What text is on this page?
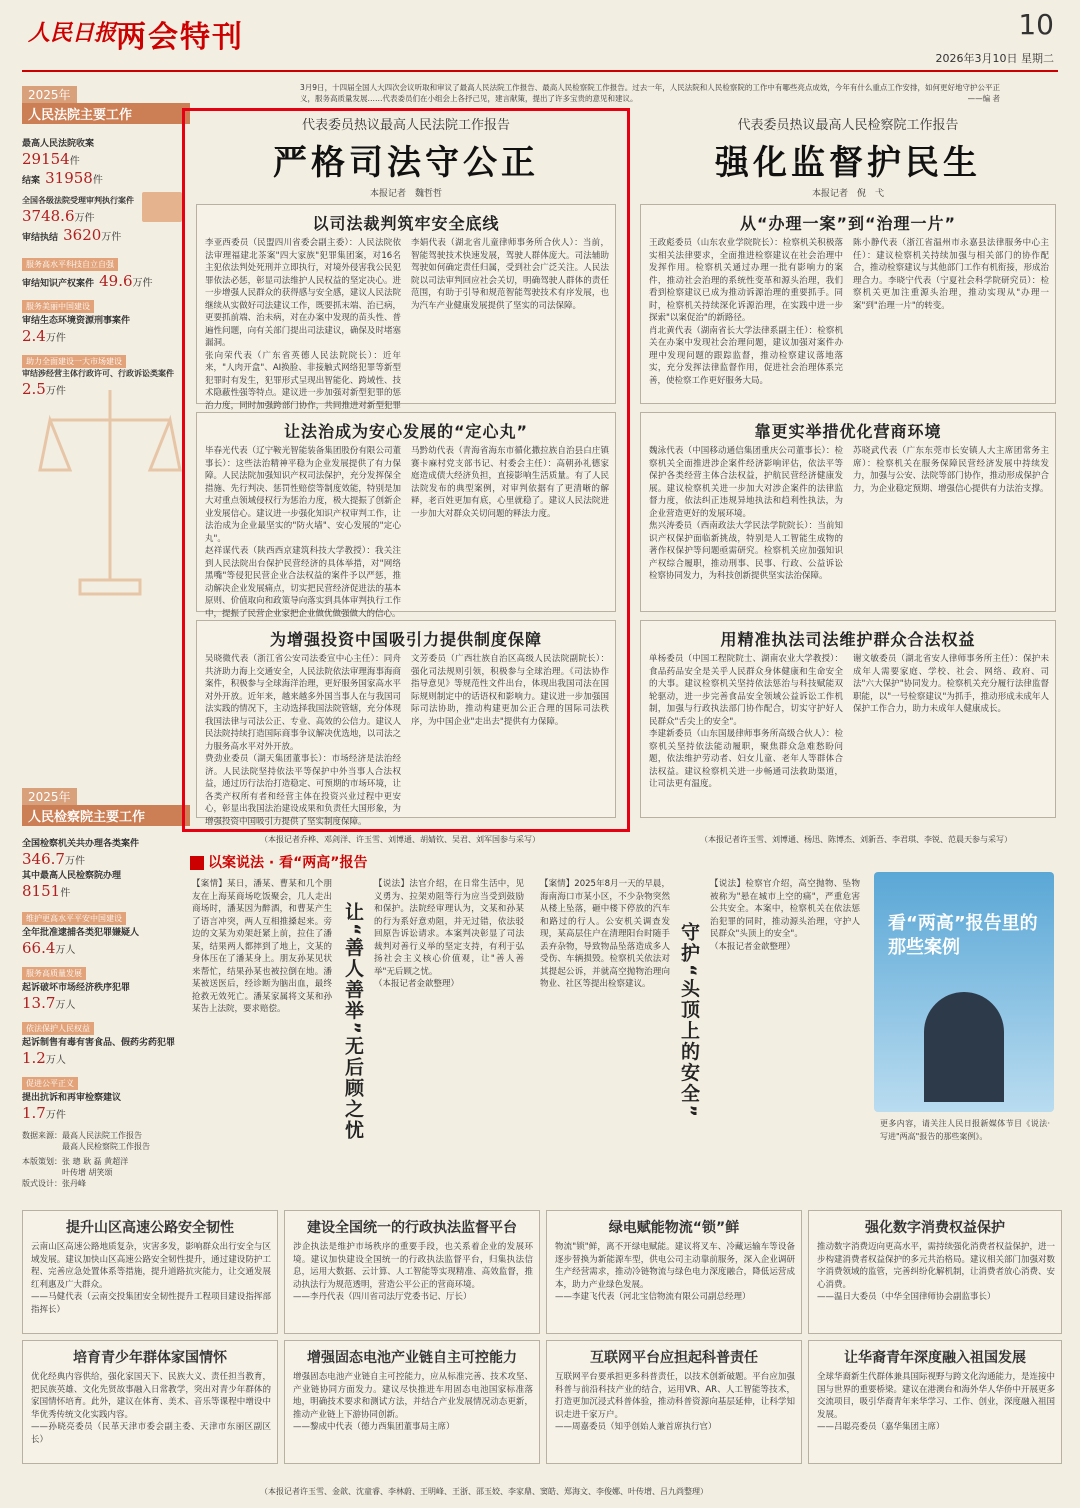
人民日报 两会特刊	10
2026年3月10日 星期二
3月9日，十四届全国人大四次会议听取和审议了最高人民法院工作报告、最高人民检察院工作报告。过去一年，人民法院和人民检察院的工作中有哪些亮点成效，今年有什么重点工作安排，如何更好地守护公平正义，服务高质量发展……代表委员们在小组会上各抒己见，建言献策，提出了许多宝贵的意见和建议。	——编 者
2025年
人民法院主要工作
最高人民法院收案
29154件
结案 31958件
全国各级法院受理审判执行案件
3748.6万件
审结执结 3620万件
服务高水平科技自立自强
审结知识产权案件 49.6万件
服务美丽中国建设
审结生态环境资源刑事案件
2.4万件
助力全面建设一大市场建设
审结涉经营主体行政许可、行政诉讼类案件
2.5万件
2025年
人民检察院主要工作
全国检察机关共办理各类案件
346.7万件
其中最高人民检察院办理
8151件
维护更高水平平安中国建设
全年批准逮捕各类犯罪嫌疑人
66.4万人
服务高质量发展
起诉破坏市场经济秩序犯罪
13.7万人
依法保护人民权益
起诉制售有毒有害食品、假药劣药犯罪
1.2万人
促进公平正义
提出抗诉和再审检察建议
1.7万件
数据来源：最高人民法院工作报告
　　　　　最高人民检察院工作报告
本版策划：张 璁 耿 磊 黄超洋
　　　　　叶传增 胡笑颂
版式设计：张丹峰
代表委员热议最高人民法院工作报告
严格司法守公正
本报记者　魏哲哲
以司法裁判筑牢安全底线
李亚西委员（民盟四川省委会副主委）：人民法院依法审理福建北茶案"四大家族"犯罪集团案，对16名主犯依法判处死刑并立即执行，对境外侵害我公民犯罪依法必惩，彰显司法维护人民权益的坚定决心。进一步增强人民群众的获得感与安全感，建议人民法院继续从实做好司法建议工作，既要抓末端、治已病，更要抓前端、治未病，对在办案中发现的苗头性、普遍性问题，向有关部门提出司法建议，确保及时堵塞漏洞。
张向荣代表（广东省英德人民法院院长）：近年来，"人肉开盒"、AI换脸、非接触式网络犯罪等新型犯罪时有发生，犯罪形式呈现出智能化、跨域性、技术隐蔽性强等特点。建议进一步加强对新型犯罪的惩治力度，同时加强跨部门协作，共同推进对新型犯罪
李娟代表（湖北省儿童律师事务所合伙人）：当前，智能驾驶技术快速发展，驾驶人群体庞大。司法辅助驾驶如何确定责任归属，受到社会广泛关注。人民法院以司法审判回应社会关切，明确驾驶人群体的责任范围，有助于引导和规范智能驾驶技术有序发展，也为汽车产业健康发展提供了坚实的司法保障。
让法治成为安心发展的“定心丸”
毕春光代表（辽宁鞍光智能装备集团股份有限公司董事长）：这些法治精神平稳为企业发展提供了有力保障。人民法院加强知识产权司法保护，充分发挥保全措施、先行判决、惩罚性赔偿等制度效能，特别是加大对重点领域侵权行为惩治力度，极大提振了创新企业发展信心。建议进一步强化知识产权审判工作，让法治成为企业最坚实的"防火墙"、安心发展的"定心丸"。
赵祥谋代表（陕西西京建筑科技大学教授）：我关注到人民法院出台保护民营经济的具体举措，对"网络黑嘴"等侵犯民营企业合法权益的案件予以严惩，推动解决企业发展痛点，切实把民营经济促进法的基本原则、价值取向和政策导向落实到具体审判执行工作中，提振了民营企业家把企业做优做强做大的信心。
马黔幼代表（青海省海东市循化撒拉族自治县白庄镇赛卡麻村党支部书记、村委会主任）：高朝孙礼德家庭造成债大经济负担，直接影响生活质量。有了人民法院发布的典型案例，对审判依据有了更清晰的解释，老百姓更加有底，心里就稳了。建议人民法院进一步加大对群众关切问题的释法力度。
为增强投资中国吸引力提供制度保障
吴晓微代表（浙江省公安司法委宣中心主任）：同舟共济助力海上交通安全，人民法院依法审理海事海商案件，积极参与全球海洋治理，更好服务国家高水平对外开放。近年来，越来越多外国当事人在与我国司法实践的情况下，主动选择我国法院管辖，充分体现我国法律与司法公正、专业、高效的公信力。建议人民法院持续打造国际商事争议解决优选地，以司法之力服务高水平对外开放。
费劲业委员（湖天集团董事长）：市场经济是法治经济。人民法院坚持依法平等保护中外当事人合法权益，通过历行法治打造稳定、可预期的市场环境，让各类产权所有者和经营主体在投资兴业过程中更安心，彰显出我国法治建设成果和负责任大国形象，为增强投资中国吸引力提供了坚实制度保障。
文芳委员（广西壮族自治区高级人民法院副院长）：强化司法规则引领，积极参与全球治理。《司法协作指导意见》等规范性文件出台，体现出我国司法在国际规则制定中的话语权和影响力。建议进一步加强国际司法协助，推动构建更加公正合理的国际司法秩序，为中国企业"走出去"提供有力保障。
（本报记者乔桦、邓剑洋、许玉雪、刘博通、胡婧钦、吴君、刘军国参与采写）
代表委员热议最高人民检察院工作报告
强化监督护民生
本报记者　倪　弋
从“办理一案”到“治理一片”
王政彪委员（山东农业学院院长）：检察机关积极落实相关法律要求，全面推进检察建议在社会治理中发挥作用。检察机关通过办理一批有影响力的案件，推动社会治理的系统性变革和源头治理，我们看到检察建议已成为推动诉源治理的重要抓手。同时，检察机关持续深化诉源治理，在实践中进一步探索"以案促治"的新路径。
肖北黄代表（湖南省长大学法律系副主任）：检察机关在办案中发现社会治理问题，建议加强对案件办理中发现问题的跟踪监督，推动检察建议落地落实，充分发挥法律监督作用，促进社会治理体系完善，使检察工作更好服务大局。
陈小静代表（浙江省温州市永嘉县法律服务中心主任）：建议检察机关持续加强与相关部门的协作配合，推动检察建议与其他部门工作有机衔接，形成治理合力。李晓宁代表（宁夏社会科学院研究员）：检察机关更加注重源头治理，推动实现从"办理一案"到"治理一片"的转变。
靠更实举措优化营商环境
魏泳代表（中国移动通信集团重庆公司董事长）：检察机关全面推进涉企案件经济影响评估，依法平等保护各类经营主体合法权益，护航民营经济健康发展。建议检察机关进一步加大对涉企案件的法律监督力度，依法纠正违规异地执法和趋利性执法，为企业营造更好的发展环境。
焦兴涛委员（西南政法大学民法学院院长）：当前知识产权保护面临新挑战，特别是人工智能生成物的著作权保护等问题亟需研究。检察机关应加强知识产权综合履职，推动刑事、民事、行政、公益诉讼检察协同发力，为科技创新提供坚实法治保障。
苏晓武代表（广东东莞市长安镇人大主席团常务主席）：检察机关在服务保障民营经济发展中持续发力，加强与公安、法院等部门协作，推动形成保护合力，为企业稳定预期、增强信心提供有力法治支撑。
用精准执法司法维护群众合法权益
单杨委员（中国工程院院士、湖南农业大学教授）：食品药品安全是关乎人民群众身体健康和生命安全的大事。建议检察机关坚持依法惩治与科技赋能双轮驱动，进一步完善食品安全领域公益诉讼工作机制，加强与行政执法部门协作配合，切实守护好人民群众"舌尖上的安全"。
李建新委员（山东国晟律师事务所高级合伙人）：检察机关坚持依法能动履职，聚焦群众急难愁盼问题，依法维护劳动者、妇女儿童、老年人等群体合法权益。建议检察机关进一步畅通司法救助渠道，让司法更有温度。
谢文敏委员（湖北省安人律师事务所主任）：保护未成年人需要家庭、学校、社会、网络、政府、司法"六大保护"协同发力。检察机关充分履行法律监督职能，以"一号检察建议"为抓手，推动形成未成年人保护工作合力，助力未成年人健康成长。
（本报记者许玉雪、刘博通、杨迅、陈博杰、刘新吾、李君琪、李锐、范晨天参与采写）
以案说法 · 看“两高”报告
【案情】某日，潘某、曹某和几个朋友在上海某商场吃饭聚会，几人走出商场时，潘某因为醉酒，和曹某产生了语言冲突，两人互相推搡起来。旁边的文某为劝架赶紧上前，拉住了潘某，结果两人都摔到了地上，文某的身体压在了潘某身上。朋友孙某见状来帮忙，结果孙某也被拉倒在地。潘某被送医后，经诊断为脑出血，最终抢救无效死亡。潘某家属将文某和孙某告上法院，要求赔偿。	让“善人善举”无后顾之忧
【说法】法官介绍，在日常生活中，见义勇为、拉架劝阻等行为应当受到鼓励和保护。法院经审理认为，文某和孙某的行为系好意劝阻，并无过错，依法驳回原告诉讼请求。本案判决彰显了司法裁判对善行义举的坚定支持，有利于弘扬社会主义核心价值观，让"善人善举"无后顾之忧。
（本报记者金歆整理）
【案情】2025年8月一天的早晨，海南海口市某小区，不少杂物突然从楼上坠落，砸中楼下停放的汽车和路过的行人。公安机关调查发现，某高层住户在清理阳台时随手丢弃杂物，导致物品坠落造成多人受伤、车辆损毁。检察机关依法对其提起公诉，并就高空抛物治理向物业、社区等提出检察建议。	守护“头顶上的安全”
【说法】检察官介绍，高空抛物、坠物被称为"悬在城市上空的痛"，严重危害公共安全。本案中，检察机关在依法惩治犯罪的同时，推动源头治理，守护人民群众"头顶上的安全"。
（本报记者金歆整理）
看“两高”报告里的那些案例
更多内容，请关注人民日报新媒体节目《说法·写进"两高"报告的那些案例》。
提升山区高速公路安全韧性
云南山区高速公路地质复杂，灾害多发，影响群众出行安全与区域发展。建议加快山区高速公路安全韧性提升，通过建设防护工程、完善应急处置体系等措施，提升道路抗灾能力，让交通发展红利惠及广大群众。
——马健代表（云南交投集团安全韧性提升工程项目建设指挥部指挥长）
建设全国统一的行政执法监督平台
涉企执法是维护市场秩序的重要手段，也关系着企业的发展环境。建议加快建设全国统一的行政执法监督平台，归集执法信息，运用大数据、云计算、人工智能等实现精准、高效监督，推动执法行为规范透明，营造公平公正的营商环境。
——李丹代表（四川省司法厅党委书记、厅长）
绿电赋能物流“锁”鲜
物流"锁"鲜，离不开绿电赋能。建议将叉车、冷藏运输车等设备逐步替换为新能源车型，供电公司主动靠前服务，深入企业调研生产经营需求，推动冷链物流与绿色电力深度融合，降低运营成本，助力产业绿色发展。
——李建飞代表（河北宝信物流有限公司副总经理）
强化数字消费权益保护
推动数字消费迈向更高水平，需持续强化消费者权益保护，进一步构建消费者权益保护的多元共治格局。建议相关部门加强对数字消费领域的监管，完善纠纷化解机制，让消费者放心消费、安心消费。
——温日大委员（中华全国律师协会副监事长）
培育青少年群体家国情怀
优化经典内容供给，强化家国天下、民族大义、责任担当教育，把民族英雄、文化先贤故事融入日常教学，突出对青少年群体的家国情怀培育。此外，建议在体育、美术、音乐等课程中增设中华优秀传统文化实践内容。
——孙晓亮委员（民革天津市委会副主委、天津市东丽区副区长）
增强固态电池产业链自主可控能力
增强固态电池产业链自主可控能力，应从标准完善、技术攻坚、产业链协同方面发力。建议尽快推进车用固态电池国家标准落地，明确技术要求和测试方法，并结合产业发展情况动态更新，推动产业链上下游协同创新。
——黎成中代表（德力西集团董事局主席）
互联网平台应担起科普责任
互联网平台要承担更多科普责任，以技术创新破题。平台应加强科普与前沿科技产业的结合，运用VR、AR、人工智能等技术，打造更加沉浸式科普体验，推动科普资源向基层延伸，让科学知识走进千家万户。
——周嘉委员（知乎创始人兼首席执行官）
让华裔青年深度融入祖国发展
全球华裔新生代群体兼具国际视野与跨文化沟通能力，是连接中国与世界的重要桥梁。建议在港澳台和海外华人华侨中开展更多交流项目，吸引华裔青年来华学习、工作、创业，深度融入祖国发展。
——吕聪亮委员（嘉华集团主席）
（本报记者许玉雪、金歆、沈童睿、李林蔚、王明峰、王浙、邵玉姣、李家鼎、窦皓、郑海文、李俊娜、叶传增、吕九尚整理）
